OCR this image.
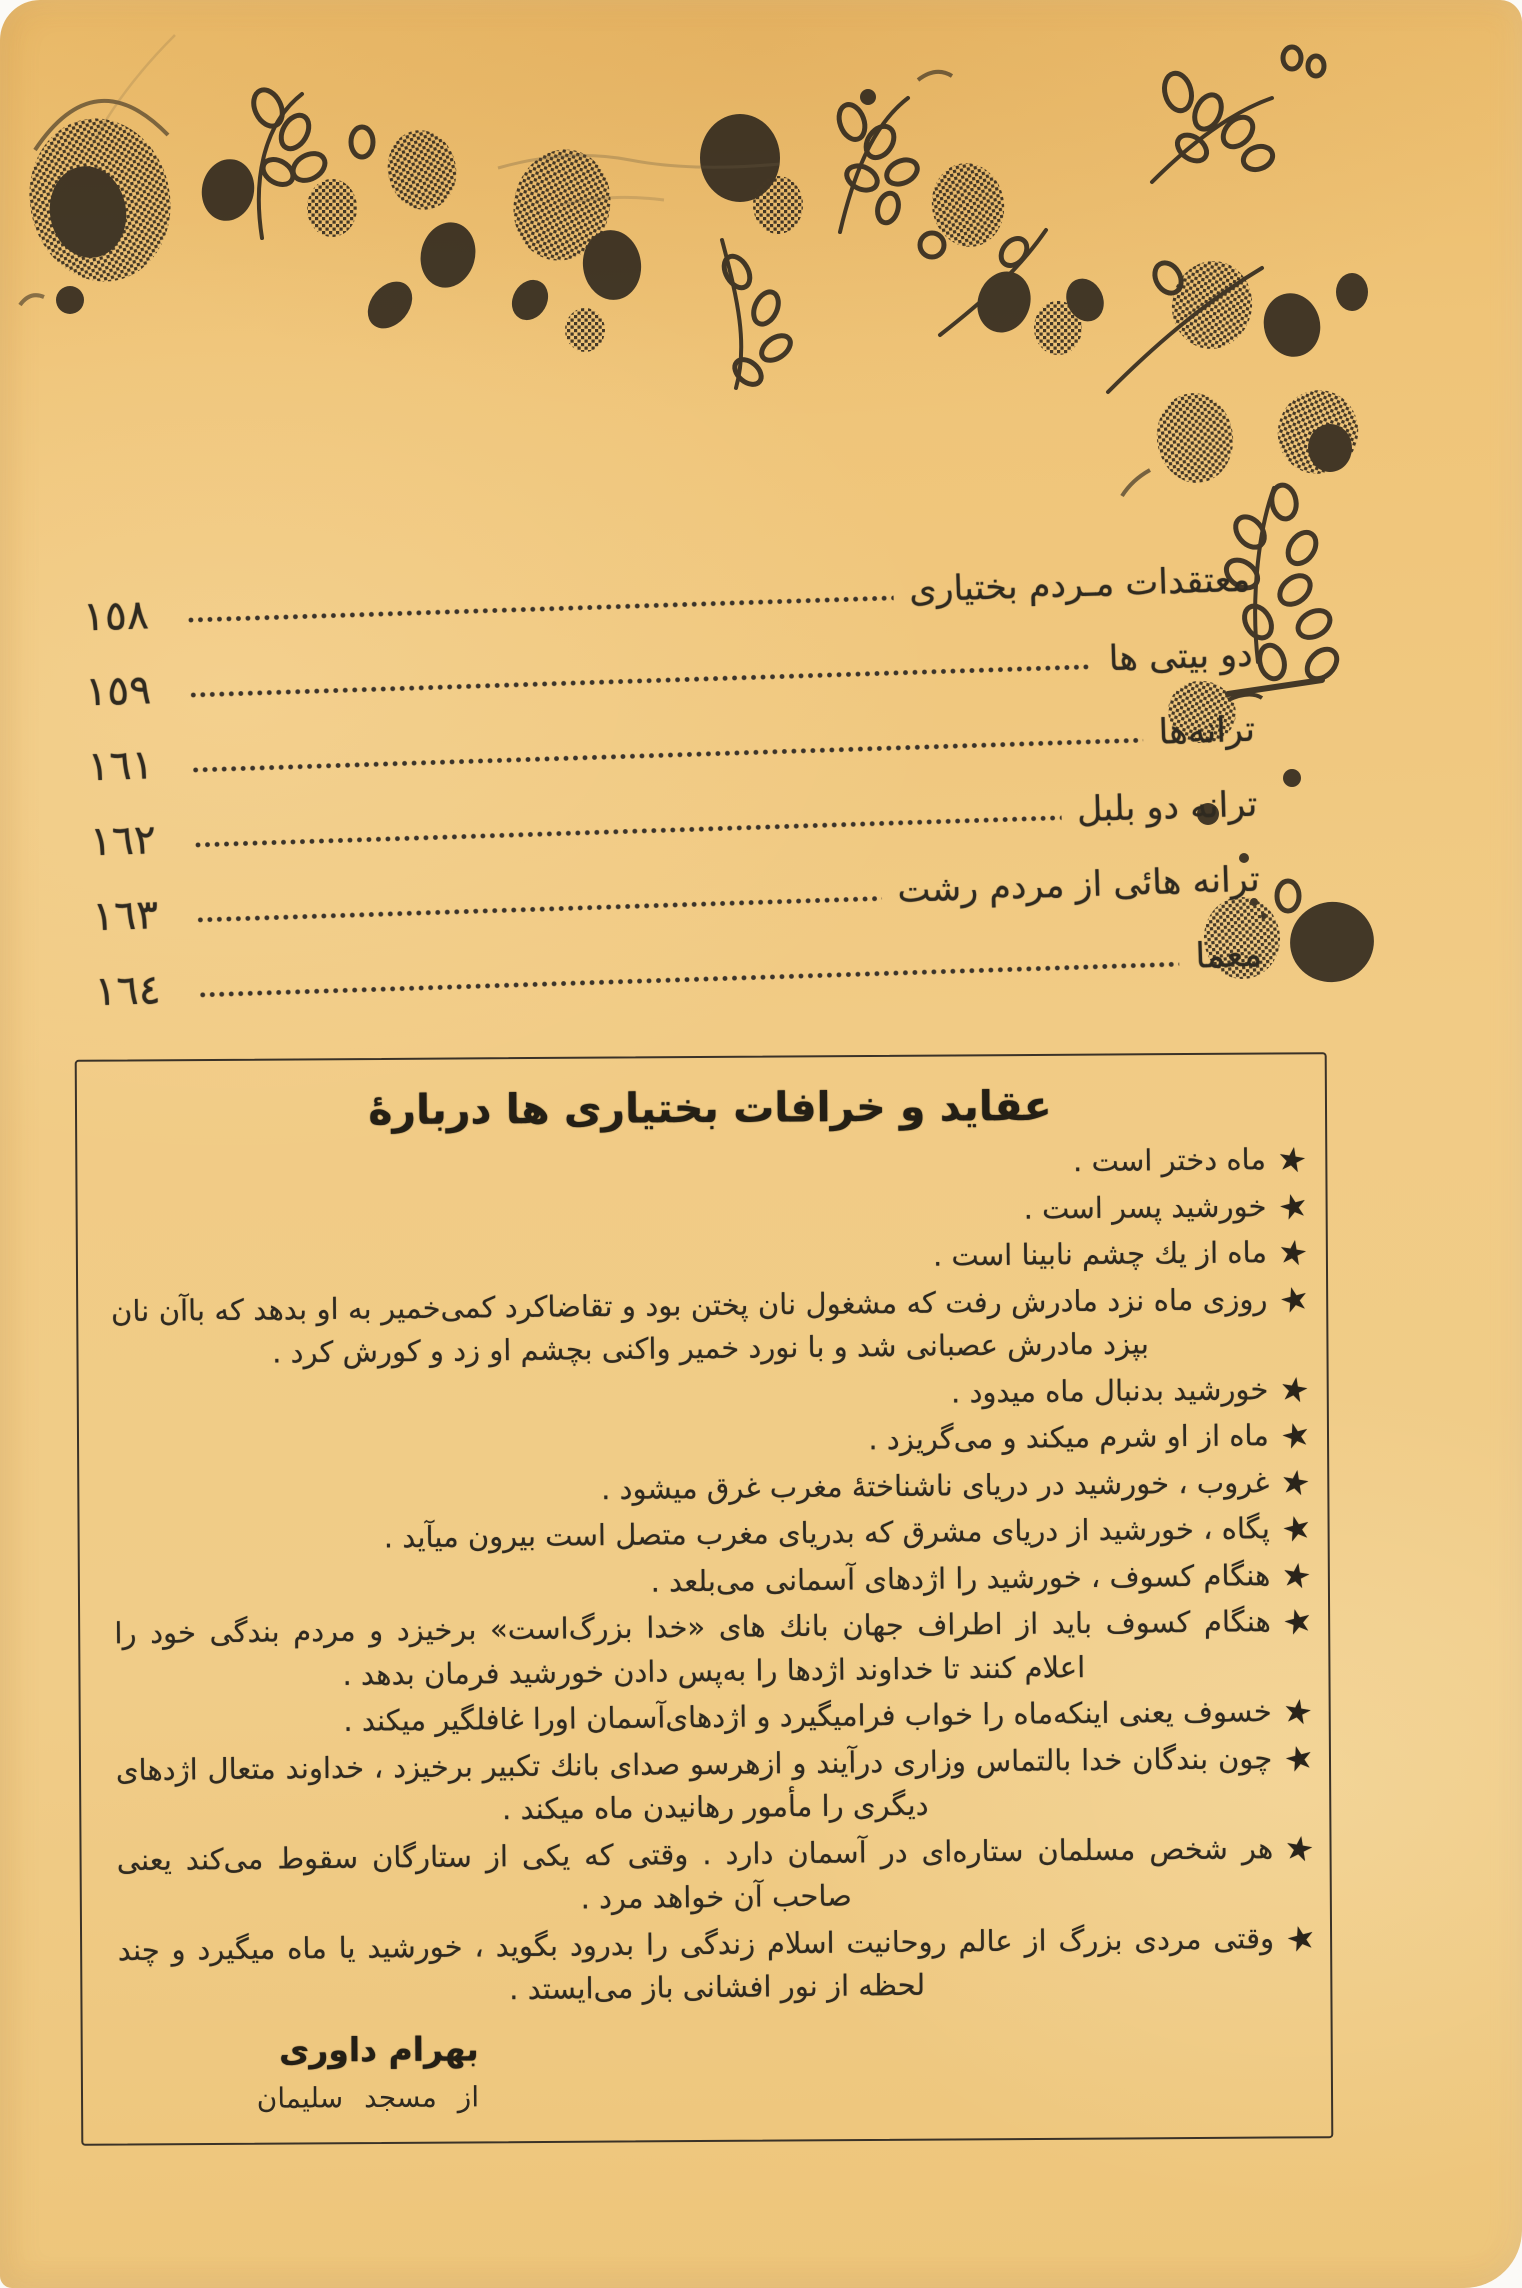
معتقدات مـردم بختیاری
١٥٨
دو بیتی ها
١٥٩
ترانه‌ها
١٦١
ترانه دو بلبل
١٦٢
ترانه هائی از مردم رشت
١٦٣
معما
١٦٤
عقاید و خرافات بختیاری ها دربارهٔ
★ماه دختر است .
★خورشید پسر است .
★ماه از یك چشم نابینا است .
★روزی ماه نزد مادرش رفت که مشغول نان پختن بود و تقاضاکرد کمی‌خمیر به او بدهد که باآن نان بپزد مادرش عصبانی شد و با نورد خمیر واکنی بچشم او زد و کورش کرد .
★خورشید بدنبال ماه میدود .
★ماه از او شرم میکند و می‌گریزد .
★غروب ، خورشید در دریای ناشناختهٔ مغرب غرق میشود .
★پگاه ، خورشید از دریای مشرق که بدریای مغرب متصل است بیرون میآید .
★هنگام کسوف ، خورشید را اژدهای آسمانی می‌بلعد .
★هنگام کسوف باید از اطراف جهان بانك های «خدا بزرگ‌است» برخیزد و مردم بندگی خود را اعلام کنند تا خداوند اژدها را به‌پس دادن خورشید فرمان بدهد .
★خسوف یعنی اینکه‌ماه را خواب فرامیگیرد و اژدهای‌آسمان اورا غافلگیر میکند .
★چون بندگان خدا بالتماس وزاری درآیند و ازهرسو صدای بانك تکبیر برخیزد ، خداوند متعال اژدهای دیگری را مأمور رهانیدن ماه میکند .
★هر شخص مسلمان ستاره‌ای در آسمان دارد . وقتی که یکی از ستارگان سقوط می‌کند یعنی صاحب آن خواهد مرد .
★وقتی مردی بزرگ از عالم روحانیت اسلام زندگی را بدرود بگوید ، خورشید یا ماه میگیرد و چند لحظه از نور افشانی باز می‌ایستد .
بهرام داوری
از مسجد سلیمان
